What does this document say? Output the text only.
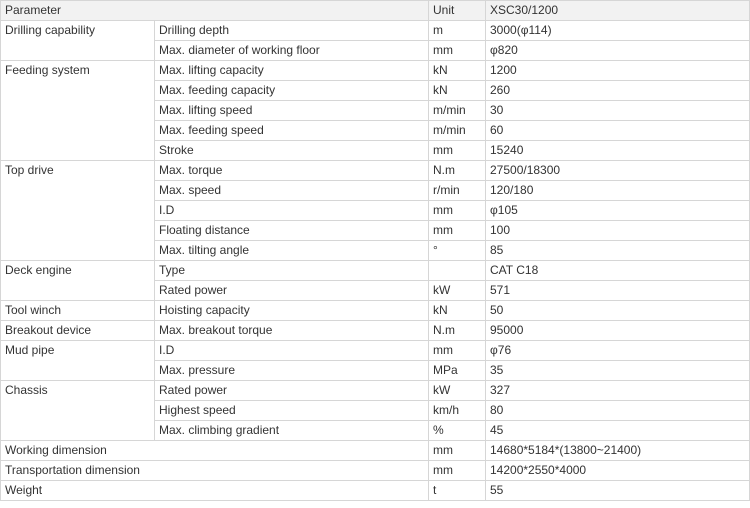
Parameter		Unit	XSC30/1200
Drilling capability	Drilling depth	m	3000(φ114)
	Max. diameter of working floor	mm	φ820
Feeding system	Max. lifting capacity	kN	1200
	Max. feeding capacity	kN	260
	Max. lifting speed	m/min	30
	Max. feeding speed	m/min	60
	Stroke	mm	15240
Top drive	Max. torque	N.m	27500/18300
	Max. speed	r/min	120/180
	I.D	mm	φ105
	Floating distance	mm	100
	Max. tilting angle	°	85
Deck engine	Type		CAT C18
	Rated power	kW	571
Tool winch	Hoisting capacity	kN	50
Breakout device	Max. breakout torque	N.m	95000
Mud pipe	I.D	mm	φ76
	Max. pressure	MPa	35
Chassis	Rated power	kW	327
	Highest speed	km/h	80
	Max. climbing gradient	%	45
Working dimension		mm	14680*5184*(13800~21400)
Transportation dimension		mm	14200*2550*4000
Weight		t	55
